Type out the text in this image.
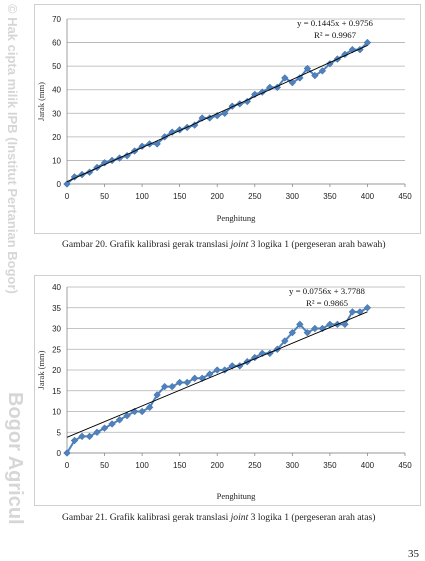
© Hak cipta milik IPB (Institut Pertanian Bogor)
Bogor Agricul
0
10
20
30
40
50
60
70
0	50	100	150	200	250	300	350	400	450
Penghitung
Jarak (mm)
y = 0.1445x + 0.9756
R² = 0.9967
Gambar 20. Grafik kalibrasi gerak translasi joint 3 logika 1 (pergeseran arah bawah)
0
5
10
15
20
25
30
35
40
0	50	100	150	200	250	300	350	400	450
Penghitung
Jarak (mm)
y = 0.0756x + 3.7788
R² = 0.9865
Gambar 21. Grafik kalibrasi gerak translasi joint 3 logika 1 (pergeseran arah atas)
35
